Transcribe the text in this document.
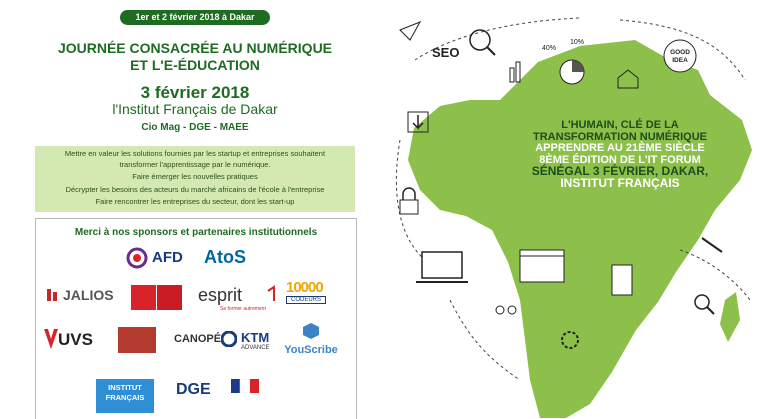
1er et 2 février 2018 à Dakar
JOURNÉE CONSACRÉE AU NUMÉRIQUE
ET L'E-ÉDUCATION
3 février 2018
l'Institut Français de Dakar
Cio Mag - DGE - MAEE
Mettre en valeur les solutions fournies par les startup et entreprises souhaitent
transformer l'apprentissage par le numérique.
Faire émerger les nouvelles pratiques
Décrypter les besoins des acteurs du marché africains de l'école à l'entreprise
Faire rencontrer les entreprises du secteur, dont les start-up
Merci à nos sponsors et partenaires institutionnels
AFD AtoS
JALIOS	esprit
Se former autrement
10000
CODEURS
UVS	CANOPÉ KTM
ADVANCE YouScribe
INSTITUT
FRANÇAIS	DGE
SEO	40%
10%
GOOD
IDEA
L'HUMAIN, CLÉ DE LA
TRANSFORMATION NUMÉRIQUE
APPRENDRE AU 21ÈME SIÈCLE
8ÈME ÉDITION DE L'IT FORUM
SÉNÉGAL 3 FÉVRIER, DAKAR,
INSTITUT FRANÇAIS
